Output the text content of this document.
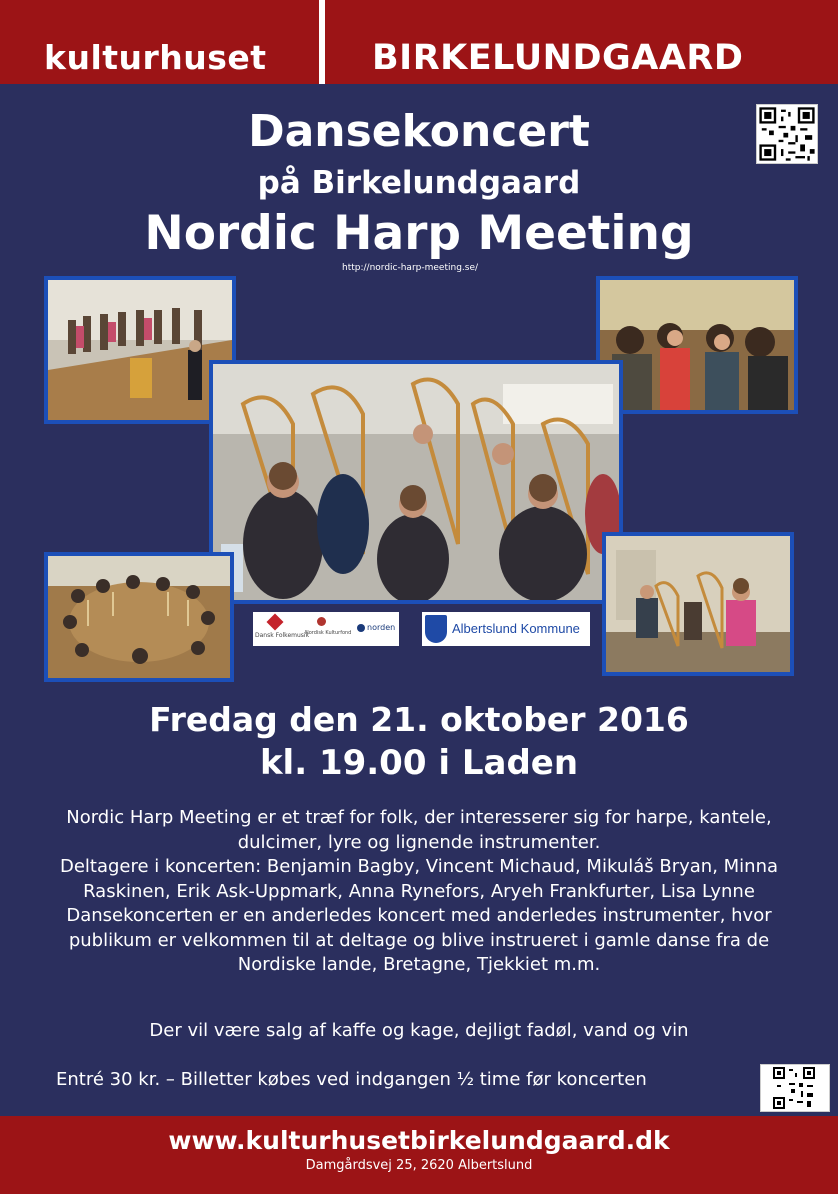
kulturhuset	BIRKELUNDGAARD
Dansekoncert
på Birkelundgaard
Nordic Harp Meeting
http://nordic-harp-meeting.se/
Dansk Folkemusik
Nordisk Kulturfond
norden	Albertslund Kommune
Fredag den 21. oktober 2016
kl. 19.00 i Laden

Nordic Harp Meeting er et træf for folk, der interesserer sig for harpe, kantele, dulcimer, lyre og lignende instrumenter.

Deltagere i koncerten: Benjamin Bagby, Vincent Michaud, Mikuláš Bryan, Minna Raskinen, Erik Ask-Uppmark, Anna Rynefors, Aryeh Frankfurter, Lisa Lynne

Dansekoncerten er en anderledes koncert med anderledes instrumenter, hvor publikum er velkommen til at deltage og blive instrueret i gamle danse fra de Nordiske lande, Bretagne, Tjekkiet m.m.

Der vil være salg af kaffe og kage, dejligt fadøl, vand og vin
Entré 30 kr. – Billetter købes ved indgangen ½ time før koncerten
www.kulturhusetbirkelundgaard.dk
Damgårdsvej 25, 2620 Albertslund
